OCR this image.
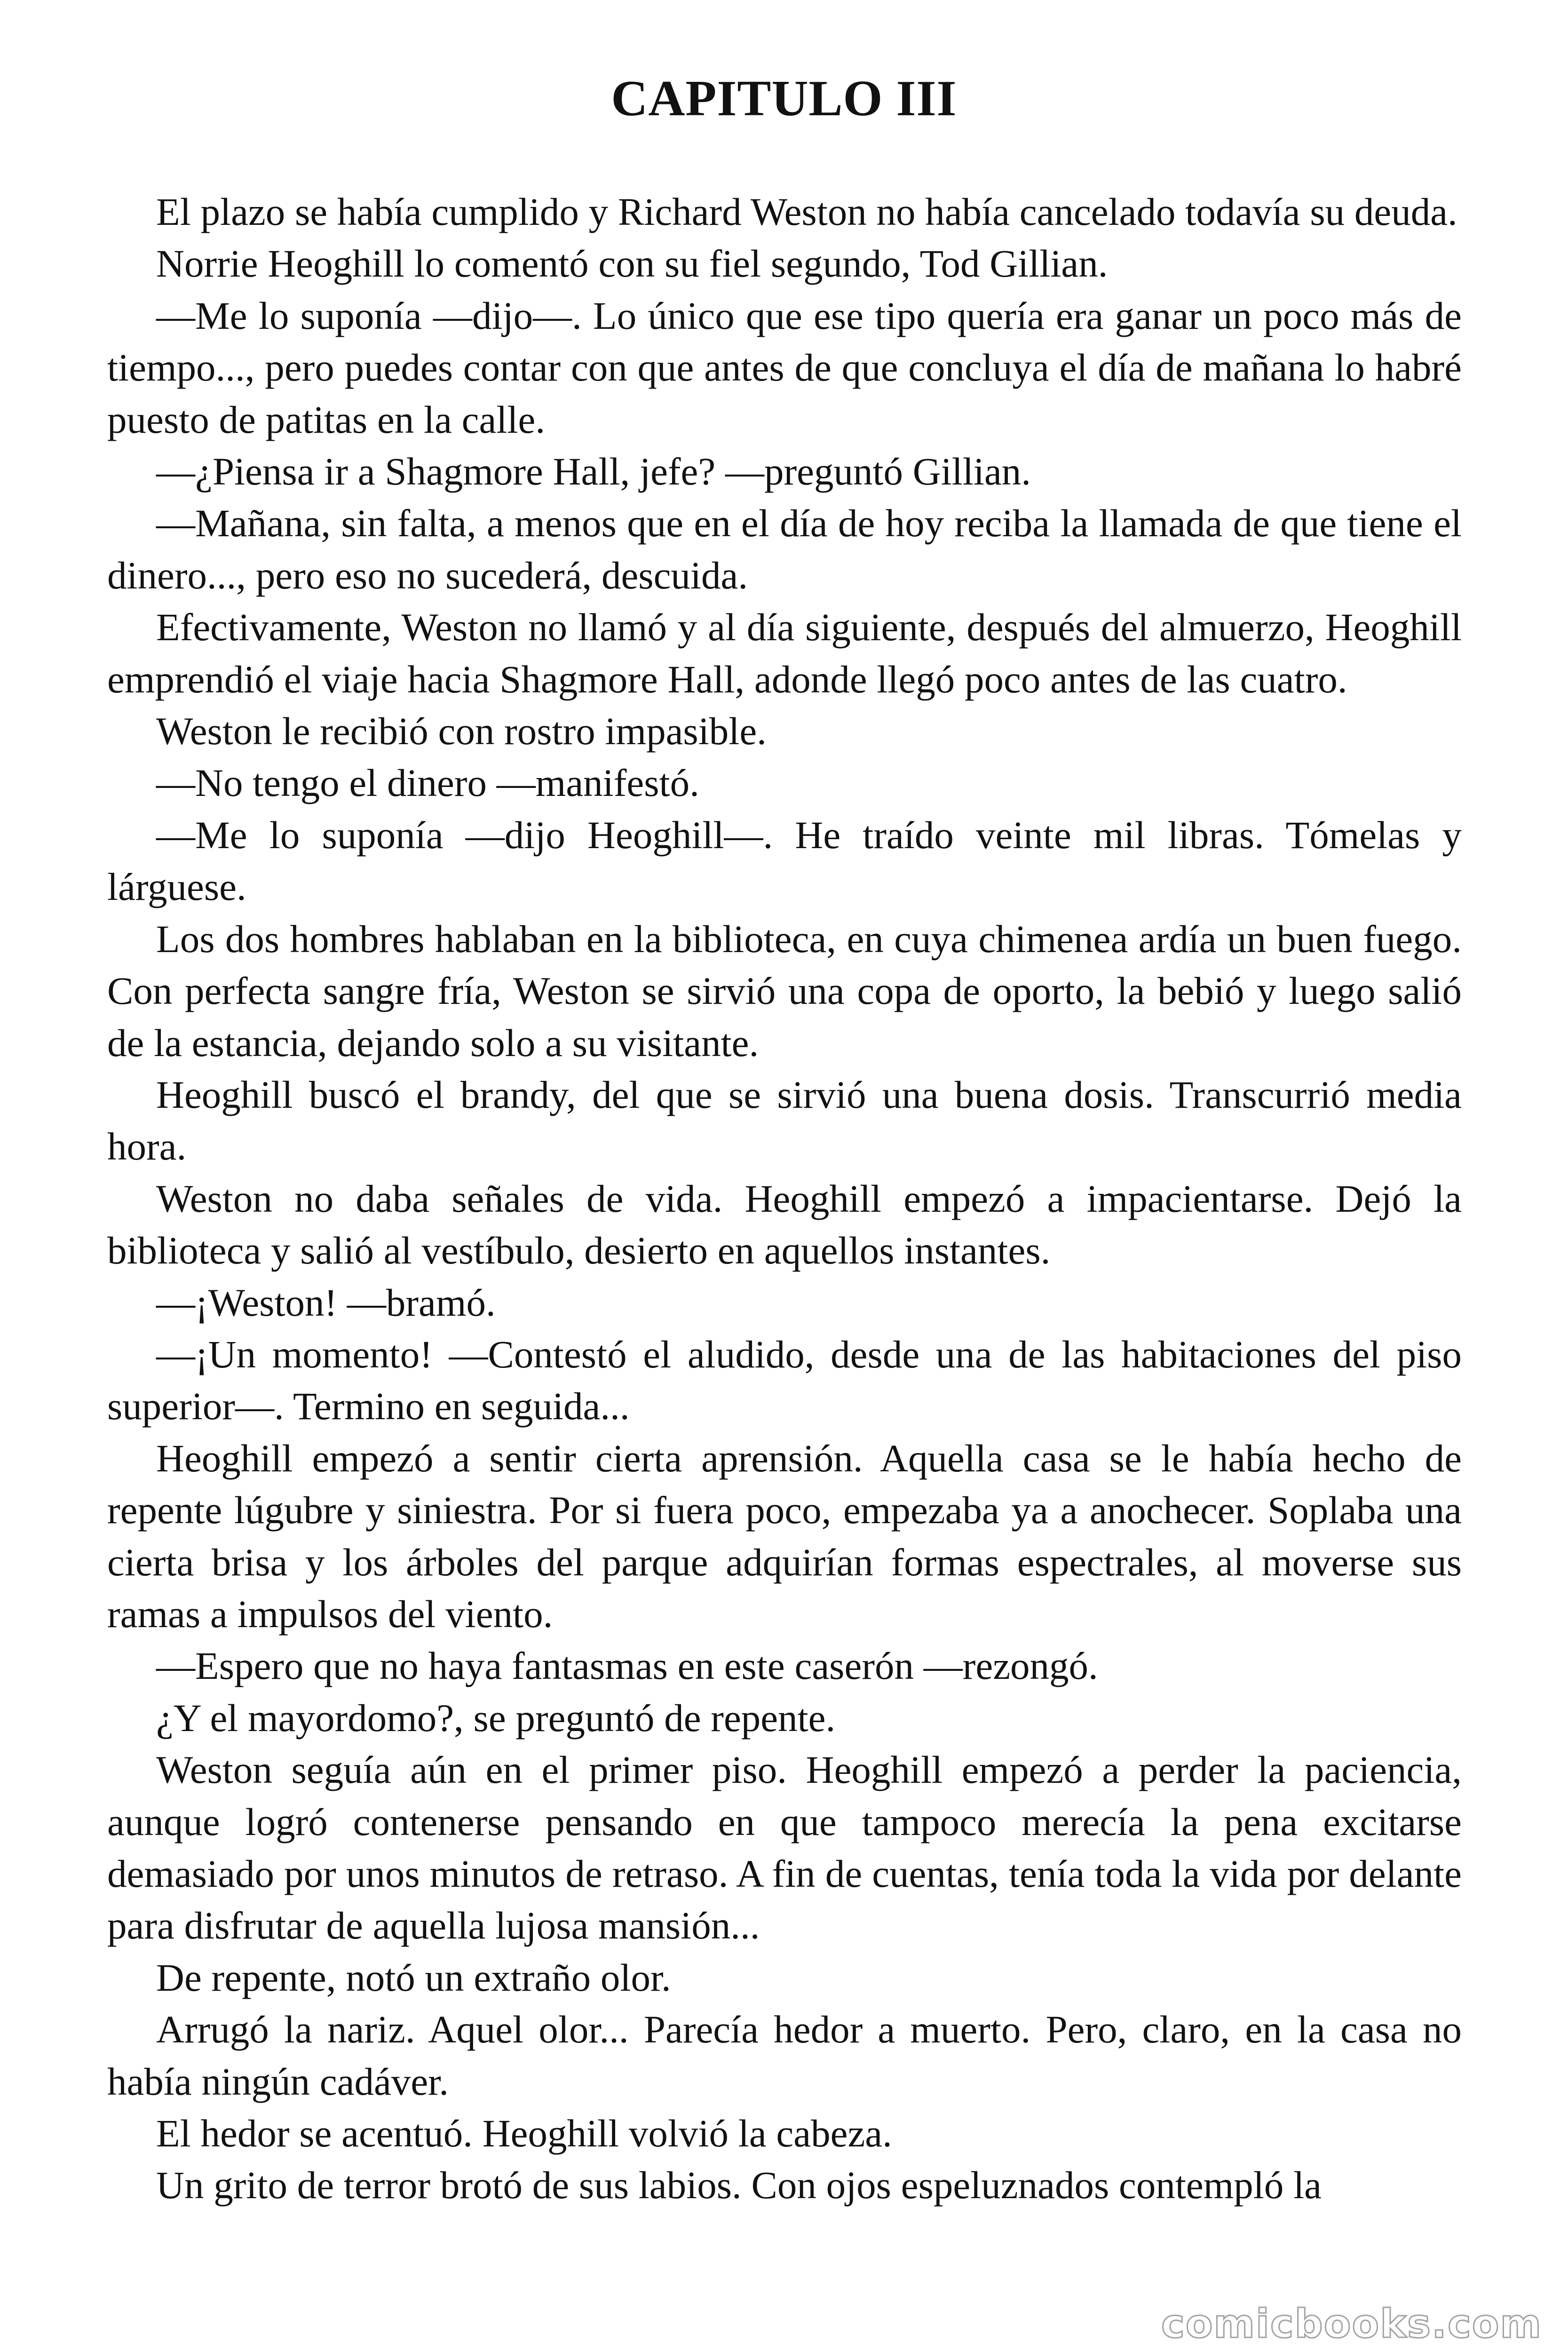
CAPITULO III

El plazo se había cumplido y Richard Weston no había cancelado todavía su deuda.

Norrie Heoghill lo comentó con su fiel segundo, Tod Gillian.

—Me lo suponía —dijo—. Lo único que ese tipo quería era ganar un poco más de tiempo..., pero puedes contar con que antes de que concluya el día de mañana lo habré puesto de patitas en la calle.

—¿Piensa ir a Shagmore Hall, jefe? —preguntó Gillian.

—Mañana, sin falta, a menos que en el día de hoy reciba la llamada de que tiene el dinero..., pero eso no sucederá, descuida.

Efectivamente, Weston no llamó y al día siguiente, después del almuerzo, Heoghill emprendió el viaje hacia Shagmore Hall, adonde llegó poco antes de las cuatro.

Weston le recibió con rostro impasible.

—No tengo el dinero —manifestó.

—Me lo suponía —dijo Heoghill—. He traído veinte mil libras. Tómelas y lárguese.

Los dos hombres hablaban en la biblioteca, en cuya chimenea ardía un buen fuego. Con perfecta sangre fría, Weston se sirvió una copa de oporto, la bebió y luego salió de la estancia, dejando solo a su visitante.

Heoghill buscó el brandy, del que se sirvió una buena dosis. Transcurrió media hora.

Weston no daba señales de vida. Heoghill empezó a impacientarse. Dejó la biblioteca y salió al vestíbulo, desierto en aquellos instantes.

—¡Weston! —bramó.

—¡Un momento! —Contestó el aludido, desde una de las habitaciones del piso superior—. Termino en seguida...

Heoghill empezó a sentir cierta aprensión. Aquella casa se le había hecho de repente lúgubre y siniestra. Por si fuera poco, empezaba ya a anochecer. Soplaba una cierta brisa y los árboles del parque adquirían formas espectrales, al moverse sus ramas a impulsos del viento.

—Espero que no haya fantasmas en este caserón —rezongó.

¿Y el mayordomo?, se preguntó de repente.

Weston seguía aún en el primer piso. Heoghill empezó a perder la paciencia, aunque logró contenerse pensando en que tampoco merecía la pena excitarse demasiado por unos minutos de retraso. A fin de cuentas, tenía toda la vida por delante para disfrutar de aquella lujosa mansión...

De repente, notó un extraño olor.

Arrugó la nariz. Aquel olor... Parecía hedor a muerto. Pero, claro, en la casa no había ningún cadáver.

El hedor se acentuó. Heoghill volvió la cabeza.

Un grito de terror brotó de sus labios. Con ojos espeluznados contempló la

comicbooks.com
